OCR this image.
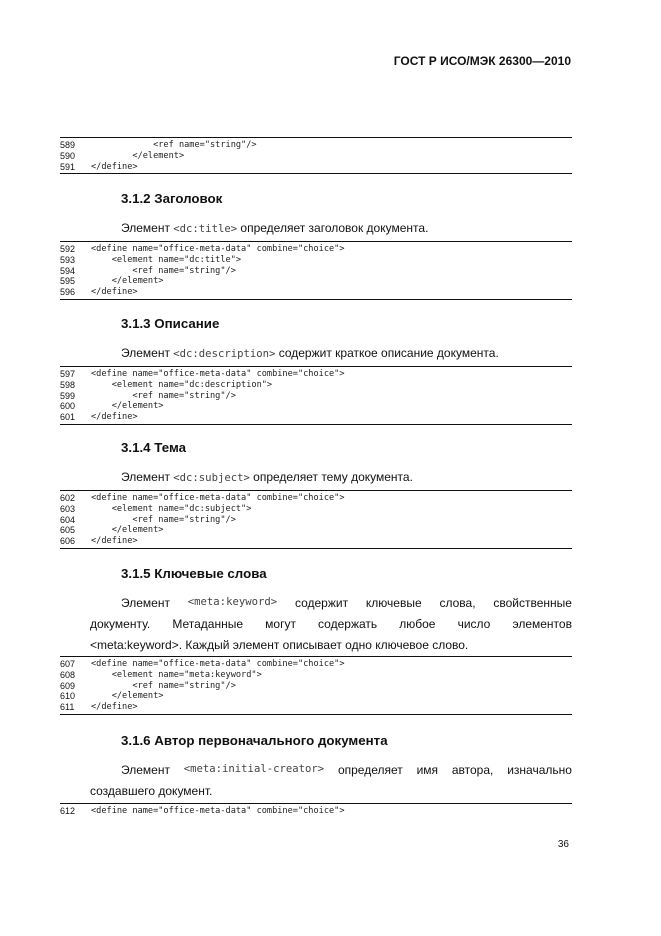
ГОСТ Р ИСО/МЭК 26300—2010
589	<ref name="string"/>
590	</element>
591	</define>
3.1.2 Заголовок
Элемент <dc:title> определяет заголовок документа.
592	<define name="office-meta-data" combine="choice">
593	<element name="dc:title">
594	<ref name="string"/>
595	</element>
596	</define>
3.1.3 Описание
Элемент <dc:description> содержит краткое описание документа.
597	<define name="office-meta-data" combine="choice">
598	<element name="dc:description">
599	<ref name="string"/>
600	</element>
601	</define>
3.1.4 Тема
Элемент <dc:subject> определяет тему документа.
602	<define name="office-meta-data" combine="choice">
603	<element name="dc:subject">
604	<ref name="string"/>
605	</element>
606	</define>
3.1.5 Ключевые слова
Элемент <meta:keyword> содержит ключевые слова, свойственные
документу. Метаданные могут содержать любое число элементов
<meta:keyword>. Каждый элемент описывает одно ключевое слово.
607	<define name="office-meta-data" combine="choice">
608	<element name="meta:keyword">
609	<ref name="string"/>
610	</element>
611	</define>
3.1.6 Автор первоначального документа
Элемент <meta:initial-creator> определяет имя автора, изначально
создавшего документ.
612	<define name="office-meta-data" combine="choice">
36
